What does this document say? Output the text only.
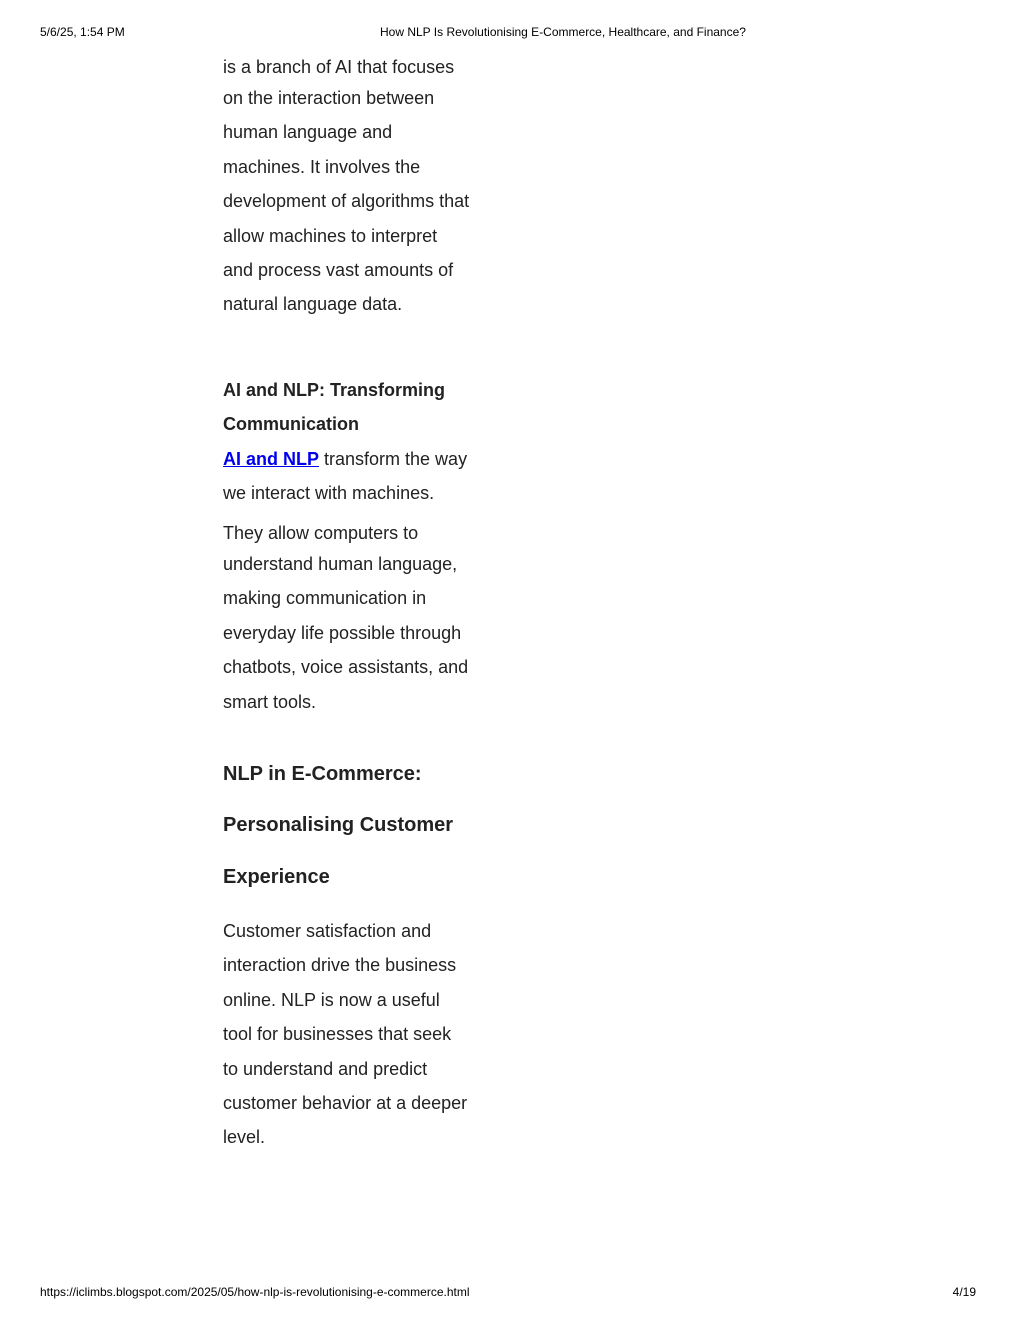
5/6/25, 1:54 PM	How NLP Is Revolutionising E-Commerce, Healthcare, and Finance?
is a branch of AI that focuses
on the interaction between
human language and
machines. It involves the
development of algorithms that
allow machines to interpret
and process vast amounts of
natural language data.
AI and NLP: Transforming
Communication
AI and NLP transform the way
we interact with machines.
They allow computers to
understand human language,
making communication in
everyday life possible through
chatbots, voice assistants, and
smart tools.
NLP in E-Commerce:
Personalising Customer
Experience
Customer satisfaction and
interaction drive the business
online. NLP is now a useful
tool for businesses that seek
to understand and predict
customer behavior at a deeper
level.
https://iclimbs.blogspot.com/2025/05/how-nlp-is-revolutionising-e-commerce.html	4/19
